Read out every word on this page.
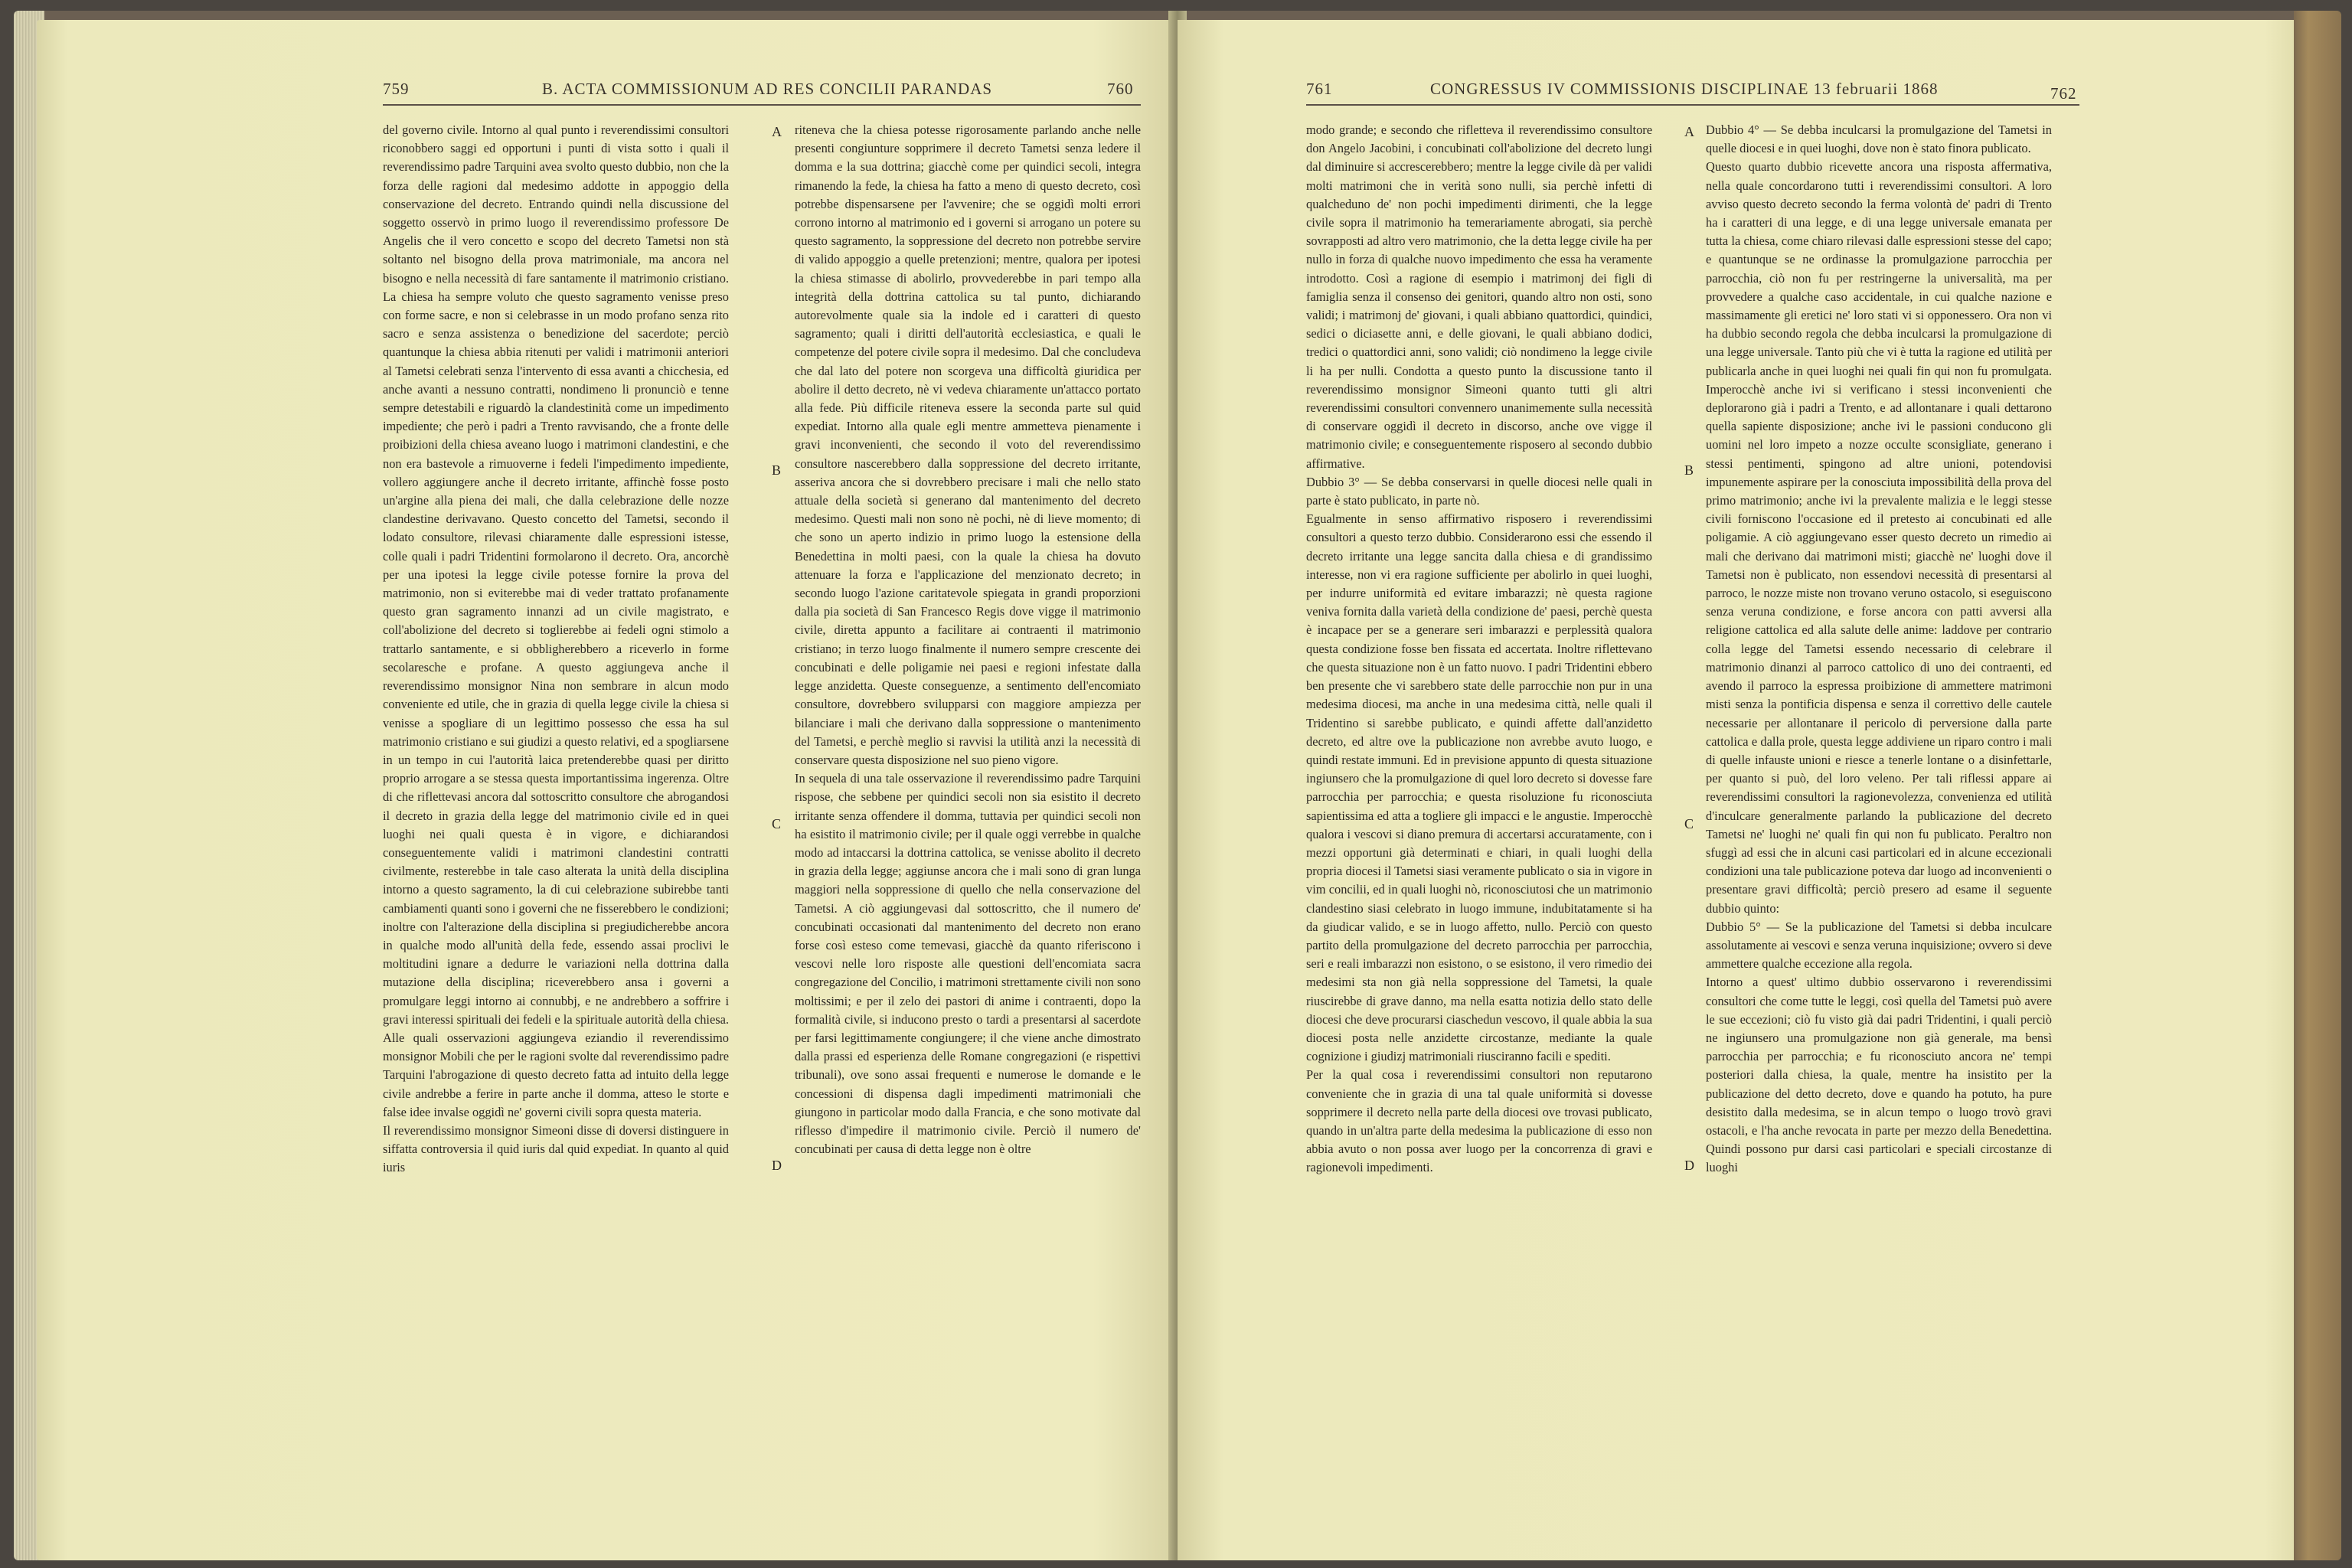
759	B. ACTA COMMISSIONUM AD RES CONCILII PARANDAS	760

del governo civile. Intorno al qual punto i reverendissimi consultori riconobbero saggi ed opportuni i punti di vista sotto i quali il reverendissimo padre Tarquini avea svolto questo dubbio, non che la forza delle ragioni dal medesimo addotte in appoggio della conservazione del decreto. Entrando quindi nella discussione del soggetto osservò in primo luogo il reverendissimo professore De Angelis che il vero concetto e scopo del decreto Tametsi non stà soltanto nel bisogno della prova matrimoniale, ma ancora nel bisogno e nella necessità di fare santamente il matrimonio cristiano. La chiesa ha sempre voluto che questo sagramento venisse preso con forme sacre, e non si celebrasse in un modo profano senza rito sacro e senza assistenza o benedizione del sacerdote; perciò quantunque la chiesa abbia ritenuti per validi i matrimonii anteriori al Tametsi celebrati senza l'intervento di essa avanti a chicchesia, ed anche avanti a nessuno contratti, nondimeno li pronunciò e tenne sempre detestabili e riguardò la clandestinità come un impedimento impediente; che però i padri a Trento ravvisando, che a fronte delle proibizioni della chiesa aveano luogo i matrimoni clandestini, e che non era bastevole a rimuoverne i fedeli l'impedimento impediente, vollero aggiungere anche il decreto irritante, affinchè fosse posto un'argine alla piena dei mali, che dalla celebrazione delle nozze clandestine derivavano. Questo concetto del Tametsi, secondo il lodato consultore, rilevasi chiaramente dalle espressioni istesse, colle quali i padri Tridentini formolarono il decreto. Ora, ancorchè per una ipotesi la legge civile potesse fornire la prova del matrimonio, non si eviterebbe mai di veder trattato profanamente questo gran sagramento innanzi ad un civile magistrato, e coll'abolizione del decreto si toglierebbe ai fedeli ogni stimolo a trattarlo santamente, e si obbligherebbero a riceverlo in forme secolaresche e profane. A questo aggiungeva anche il reverendissimo monsignor Nina non sembrare in alcun modo conveniente ed utile, che in grazia di quella legge civile la chiesa si venisse a spogliare di un legittimo possesso che essa ha sul matrimonio cristiano e sui giudizi a questo relativi, ed a spogliarsene in un tempo in cui l'autorità laica pretenderebbe quasi per diritto proprio arrogare a se stessa questa importantissima ingerenza. Oltre di che riflettevasi ancora dal sottoscritto consultore che abrogandosi il decreto in grazia della legge del matrimonio civile ed in quei luoghi nei quali questa è in vigore, e dichiarandosi conseguentemente validi i matrimoni clandestini contratti civilmente, resterebbe in tale caso alterata la unità della disciplina intorno a questo sagramento, la di cui celebrazione subirebbe tanti cambiamenti quanti sono i governi che ne fisserebbero le condizioni; inoltre con l'alterazione della disciplina si pregiudicherebbe ancora in qualche modo all'unità della fede, essendo assai proclivi le moltitudini ignare a dedurre le variazioni nella dottrina dalla mutazione della disciplina; riceverebbero ansa i governi a promulgare leggi intorno ai connubbj, e ne andrebbero a soffrire i gravi interessi spirituali dei fedeli e la spirituale autorità della chiesa. Alle quali osservazioni aggiungeva eziandio il reverendissimo monsignor Mobili che per le ragioni svolte dal reverendissimo padre Tarquini l'abrogazione di questo decreto fatta ad intuito della legge civile andrebbe a ferire in parte anche il domma, atteso le storte e false idee invalse oggidì ne' governi civili sopra questa materia.
Il reverendissimo monsignor Simeoni disse di doversi distinguere in siffatta controversia il quid iuris dal quid expediat. In quanto al quid iuris

riteneva che la chiesa potesse rigorosamente parlando anche nelle presenti congiunture sopprimere il decreto Tametsi senza ledere il domma e la sua dottrina; giacchè come per quindici secoli, integra rimanendo la fede, la chiesa ha fatto a meno di questo decreto, così potrebbe dispensarsene per l'avvenire; che se oggidì molti errori corrono intorno al matrimonio ed i governi si arrogano un potere su questo sagramento, la soppressione del decreto non potrebbe servire di valido appoggio a quelle pretenzioni; mentre, qualora per ipotesi la chiesa stimasse di abolirlo, provvederebbe in pari tempo alla integrità della dottrina cattolica su tal punto, dichiarando autorevolmente quale sia la indole ed i caratteri di questo sagramento; quali i diritti dell'autorità ecclesiastica, e quali le competenze del potere civile sopra il medesimo. Dal che concludeva che dal lato del potere non scorgeva una difficoltà giuridica per abolire il detto decreto, nè vi vedeva chiaramente un'attacco portato alla fede. Più difficile riteneva essere la seconda parte sul quid expediat. Intorno alla quale egli mentre ammetteva pienamente i gravi inconvenienti, che secondo il voto del reverendissimo consultore nascerebbero dalla soppressione del decreto irritante, asseriva ancora che si dovrebbero precisare i mali che nello stato attuale della società si generano dal mantenimento del decreto medesimo. Questi mali non sono nè pochi, nè di lieve momento; di che sono un aperto indizio in primo luogo la estensione della Benedettina in molti paesi, con la quale la chiesa ha dovuto attenuare la forza e l'applicazione del menzionato decreto; in secondo luogo l'azione caritatevole spiegata in grandi proporzioni dalla pia società di San Francesco Regis dove vigge il matrimonio civile, diretta appunto a facilitare ai contraenti il matrimonio cristiano; in terzo luogo finalmente il numero sempre crescente dei concubinati e delle poligamie nei paesi e regioni infestate dalla legge anzidetta. Queste conseguenze, a sentimento dell'encomiato consultore, dovrebbero svilupparsi con maggiore ampiezza per bilanciare i mali che derivano dalla soppressione o mantenimento del Tametsi, e perchè meglio si ravvisi la utilità anzi la necessità di conservare questa disposizione nel suo pieno vigore.
In sequela di una tale osservazione il reverendissimo padre Tarquini rispose, che sebbene per quindici secoli non sia esistito il decreto irritante senza offendere il domma, tuttavia per quindici secoli non ha esistito il matrimonio civile; per il quale oggi verrebbe in qualche modo ad intaccarsi la dottrina cattolica, se venisse abolito il decreto in grazia della legge; aggiunse ancora che i mali sono di gran lunga maggiori nella soppressione di quello che nella conservazione del Tametsi. A ciò aggiungevasi dal sottoscritto, che il numero de' concubinati occasionati dal mantenimento del decreto non erano forse così esteso come temevasi, giacchè da quanto riferiscono i vescovi nelle loro risposte alle questioni dell'encomiata sacra congregazione del Concilio, i matrimoni strettamente civili non sono moltissimi; e per il zelo dei pastori di anime i contraenti, dopo la formalità civile, si inducono presto o tardi a presentarsi al sacerdote per farsi legittimamente congiungere; il che viene anche dimostrato dalla prassi ed esperienza delle Romane congregazioni (e rispettivi tribunali), ove sono assai frequenti e numerose le domande e le concessioni di dispensa dagli impedimenti matrimoniali che giungono in particolar modo dalla Francia, e che sono motivate dal riflesso d'impedire il matrimonio civile. Perciò il numero de' concubinati per causa di detta legge non è oltre

A
B
C
D
761	CONGRESSUS IV COMMISSIONIS DISCIPLINAE 13 februarii 1868	762

modo grande; e secondo che rifletteva il reverendissimo consultore don Angelo Jacobini, i concubinati coll'abolizione del decreto lungi dal diminuire si accrescerebbero; mentre la legge civile dà per validi molti matrimoni che in verità sono nulli, sia perchè infetti di qualcheduno de' non pochi impedimenti dirimenti, che la legge civile sopra il matrimonio ha temerariamente abrogati, sia perchè sovrapposti ad altro vero matrimonio, che la detta legge civile ha per nullo in forza di qualche nuovo impedimento che essa ha veramente introdotto. Così a ragione di esempio i matrimonj dei figli di famiglia senza il consenso dei genitori, quando altro non osti, sono validi; i matrimonj de' giovani, i quali abbiano quattordici, quindici, sedici o diciasette anni, e delle giovani, le quali abbiano dodici, tredici o quattordici anni, sono validi; ciò nondimeno la legge civile li ha per nulli. Condotta a questo punto la discussione tanto il reverendissimo monsignor Simeoni quanto tutti gli altri reverendissimi consultori convennero unanimemente sulla necessità di conservare oggidì il decreto in discorso, anche ove vigge il matrimonio civile; e conseguentemente risposero al secondo dubbio affirmative.
Dubbio 3° — Se debba conservarsi in quelle diocesi nelle quali in parte è stato publicato, in parte nò.
Egualmente in senso affirmativo risposero i reverendissimi consultori a questo terzo dubbio. Considerarono essi che essendo il decreto irritante una legge sancita dalla chiesa e di grandissimo interesse, non vi era ragione sufficiente per abolirlo in quei luoghi, per indurre uniformità ed evitare imbarazzi; nè questa ragione veniva fornita dalla varietà della condizione de' paesi, perchè questa è incapace per se a generare seri imbarazzi e perplessità qualora questa condizione fosse ben fissata ed accertata. Inoltre riflettevano che questa situazione non è un fatto nuovo. I padri Tridentini ebbero ben presente che vi sarebbero state delle parrocchie non pur in una medesima diocesi, ma anche in una medesima città, nelle quali il Tridentino si sarebbe publicato, e quindi affette dall'anzidetto decreto, ed altre ove la publicazione non avrebbe avuto luogo, e quindi restate immuni. Ed in previsione appunto di questa situazione ingiunsero che la promulgazione di quel loro decreto si dovesse fare parrocchia per parrocchia; e questa risoluzione fu riconosciuta sapientissima ed atta a togliere gli impacci e le angustie. Imperocchè qualora i vescovi si diano premura di accertarsi accuratamente, con i mezzi opportuni già determinati e chiari, in quali luoghi della propria diocesi il Tametsi siasi veramente publicato o sia in vigore in vim concilii, ed in quali luoghi nò, riconosciutosi che un matrimonio clandestino siasi celebrato in luogo immune, indubitatamente si ha da giudicar valido, e se in luogo affetto, nullo. Perciò con questo partito della promulgazione del decreto parrocchia per parrocchia, seri e reali imbarazzi non esistono, o se esistono, il vero rimedio dei medesimi sta non già nella soppressione del Tametsi, la quale riuscirebbe di grave danno, ma nella esatta notizia dello stato delle diocesi che deve procurarsi ciaschedun vescovo, il quale abbia la sua diocesi posta nelle anzidette circostanze, mediante la quale cognizione i giudizj matrimoniali riusciranno facili e spediti.
Per la qual cosa i reverendissimi consultori non reputarono conveniente che in grazia di una tal quale uniformità si dovesse sopprimere il decreto nella parte della diocesi ove trovasi publicato, quando in un'altra parte della medesima la publicazione di esso non abbia avuto o non possa aver luogo per la concorrenza di gravi e ragionevoli impedimenti.

Dubbio 4° — Se debba inculcarsi la promulgazione del Tametsi in quelle diocesi e in quei luoghi, dove non è stato finora publicato.
Questo quarto dubbio ricevette ancora una risposta affermativa, nella quale concordarono tutti i reverendissimi consultori. A loro avviso questo decreto secondo la ferma volontà de' padri di Trento ha i caratteri di una legge, e di una legge universale emanata per tutta la chiesa, come chiaro rilevasi dalle espressioni stesse del capo; e quantunque se ne ordinasse la promulgazione parrocchia per parrocchia, ciò non fu per restringerne la universalità, ma per provvedere a qualche caso accidentale, in cui qualche nazione e massimamente gli eretici ne' loro stati vi si opponessero. Ora non vi ha dubbio secondo regola che debba inculcarsi la promulgazione di una legge universale. Tanto più che vi è tutta la ragione ed utilità per publicarla anche in quei luoghi nei quali fin qui non fu promulgata. Imperocchè anche ivi si verificano i stessi inconvenienti che deplorarono già i padri a Trento, e ad allontanare i quali dettarono quella sapiente disposizione; anche ivi le passioni conducono gli uomini nel loro impeto a nozze occulte sconsigliate, generano i stessi pentimenti, spingono ad altre unioni, potendovisi impunemente aspirare per la conosciuta impossibilità della prova del primo matrimonio; anche ivi la prevalente malizia e le leggi stesse civili forniscono l'occasione ed il pretesto ai concubinati ed alle poligamie. A ciò aggiungevano esser questo decreto un rimedio ai mali che derivano dai matrimoni misti; giacchè ne' luoghi dove il Tametsi non è publicato, non essendovi necessità di presentarsi al parroco, le nozze miste non trovano veruno ostacolo, si eseguiscono senza veruna condizione, e forse ancora con patti avversi alla religione cattolica ed alla salute delle anime: laddove per contrario colla legge del Tametsi essendo necessario di celebrare il matrimonio dinanzi al parroco cattolico di uno dei contraenti, ed avendo il parroco la espressa proibizione di ammettere matrimoni misti senza la pontificia dispensa e senza il correttivo delle cautele necessarie per allontanare il pericolo di perversione dalla parte cattolica e dalla prole, questa legge addiviene un riparo contro i mali di quelle infauste unioni e riesce a tenerle lontane o a disinfettarle, per quanto si può, del loro veleno. Per tali riflessi appare ai reverendissimi consultori la ragionevolezza, convenienza ed utilità d'inculcare generalmente parlando la publicazione del decreto Tametsi ne' luoghi ne' quali fin qui non fu publicato. Peraltro non sfuggì ad essi che in alcuni casi particolari ed in alcune eccezionali condizioni una tale publicazione poteva dar luogo ad inconvenienti o presentare gravi difficoltà; perciò presero ad esame il seguente dubbio quinto:
Dubbio 5° — Se la publicazione del Tametsi si debba inculcare assolutamente ai vescovi e senza veruna inquisizione; ovvero si deve ammettere qualche eccezione alla regola.
Intorno a quest' ultimo dubbio osservarono i reverendissimi consultori che come tutte le leggi, così quella del Tametsi può avere le sue eccezioni; ciò fu visto già dai padri Tridentini, i quali perciò ne ingiunsero una promulgazione non già generale, ma bensì parrocchia per parrocchia; e fu riconosciuto ancora ne' tempi posteriori dalla chiesa, la quale, mentre ha insistito per la publicazione del detto decreto, dove e quando ha potuto, ha pure desistito dalla medesima, se in alcun tempo o luogo trovò gravi ostacoli, e l'ha anche revocata in parte per mezzo della Benedettina. Quindi possono pur darsi casi particolari e speciali circostanze di luoghi

A
B
C
D
